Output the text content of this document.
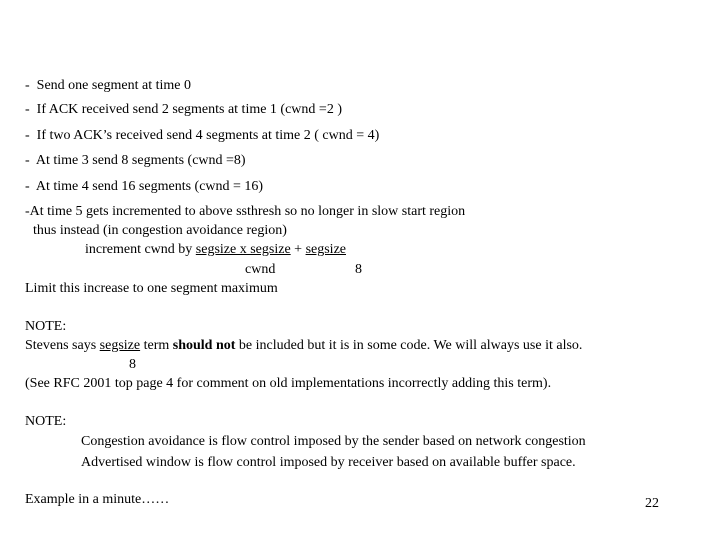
-  Send one segment at time 0
-  If ACK received send 2 segments at time 1 (cwnd =2 )
-  If two ACK’s received send 4 segments at time 2 ( cwnd = 4)
-  At time 3 send 8 segments (cwnd =8)
-  At time 4 send 16 segments (cwnd = 16)
-At time 5 gets incremented to above ssthresh so no longer in slow start region
thus instead (in congestion avoidance region)
increment cwnd by segsize x segsize + segsize
cwnd	8
Limit this increase to one segment maximum
NOTE:
Stevens says segsize term should not be included but it is in some code. We will always use it also.
8
(See RFC 2001 top page 4 for comment on old implementations incorrectly adding this term).
NOTE:
Congestion avoidance is flow control imposed by the sender based on network congestion
Advertised window is flow control imposed by receiver based on available buffer space.
Example in a minute……	22
